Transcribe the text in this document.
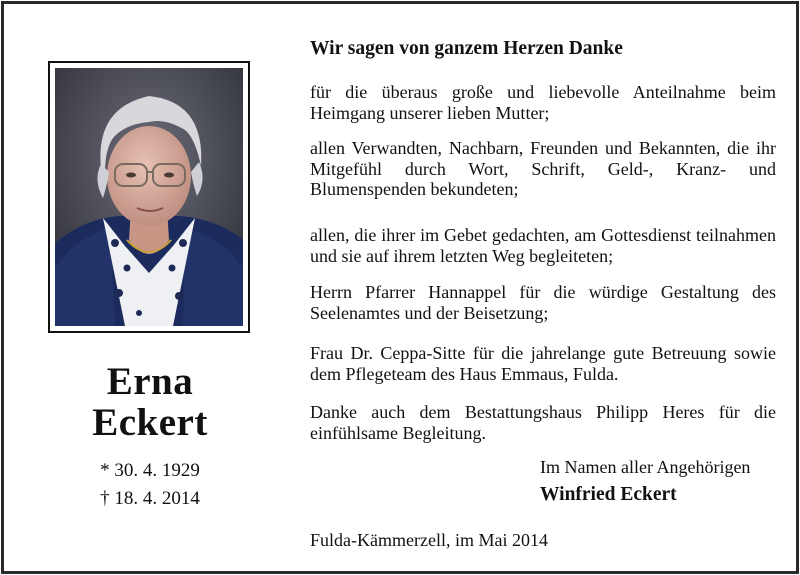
Erna
Eckert
* 30. 4. 1929
† 18. 4. 2014
Wir sagen von ganzem Herzen Danke
für die überaus große und liebevolle Anteilnahme beim Heimgang unserer lieben Mutter;
allen Verwandten, Nachbarn, Freunden und Bekannten, die ihr Mitgefühl durch Wort, Schrift, Geld-, Kranz- und Blumenspenden bekundeten;
allen, die ihrer im Gebet gedachten, am Gottesdienst teilnahmen und sie auf ihrem letzten Weg begleiteten;
Herrn Pfarrer Hannappel für die würdige Gestaltung des Seelenamtes und der Beisetzung;
Frau Dr. Ceppa-Sitte für die jahrelange gute Betreuung sowie dem Pflegeteam des Haus Emmaus, Fulda.
Danke auch dem Bestattungshaus Philipp Heres für die einfühlsame Begleitung.
Im Namen aller Angehörigen
Winfried Eckert
Fulda-Kämmerzell, im Mai 2014
